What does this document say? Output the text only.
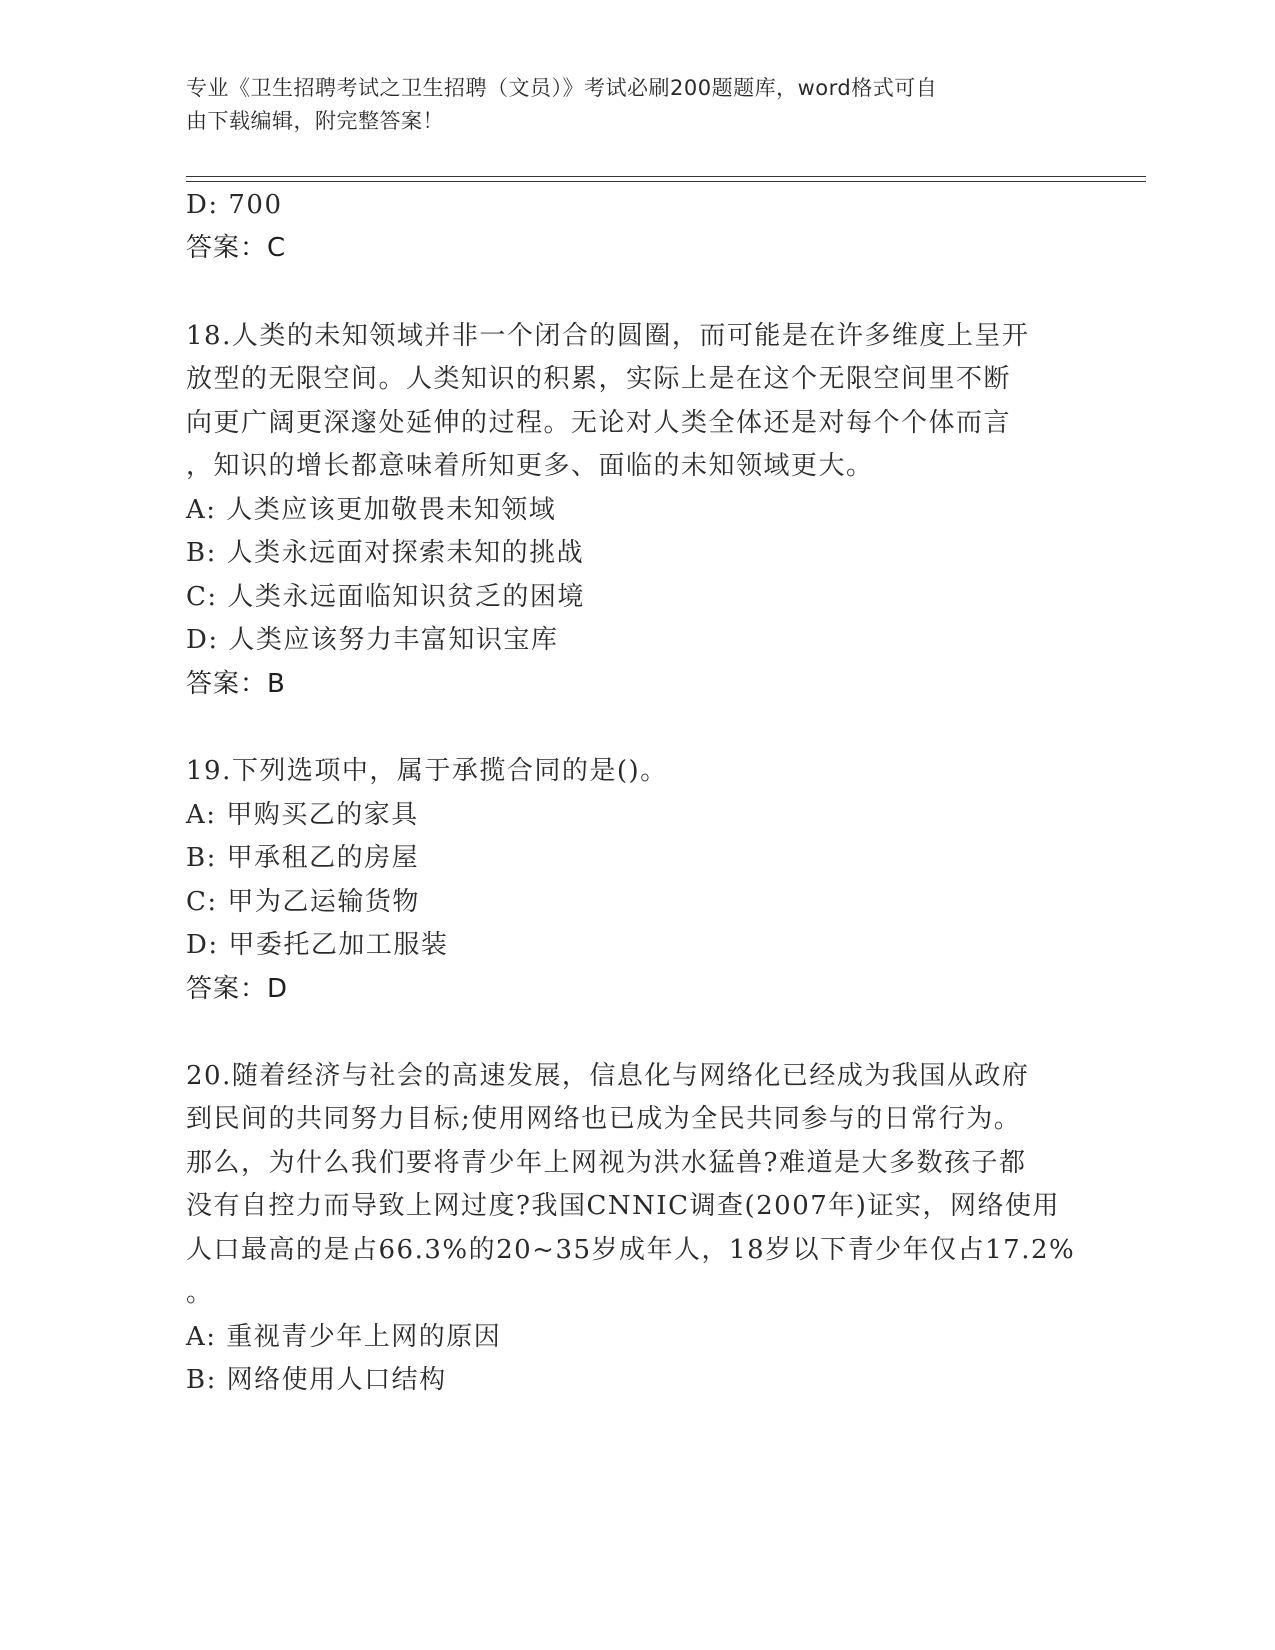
专业《卫生招聘考试之卫生招聘（文员）》考试必刷200题题库，word格式可自
由下载编辑，附完整答案！
D: 700
答案：C
18.人类的未知领域并非一个闭合的圆圈，而可能是在许多维度上呈开
放型的无限空间。人类知识的积累，实际上是在这个无限空间里不断
向更广阔更深邃处延伸的过程。无论对人类全体还是对每个个体而言
，知识的增长都意味着所知更多、面临的未知领域更大。
A: 人类应该更加敬畏未知领域
B: 人类永远面对探索未知的挑战
C: 人类永远面临知识贫乏的困境
D: 人类应该努力丰富知识宝库
答案：B
19.下列选项中，属于承揽合同的是()。
A: 甲购买乙的家具
B: 甲承租乙的房屋
C: 甲为乙运输货物
D: 甲委托乙加工服装
答案：D
20.随着经济与社会的高速发展，信息化与网络化已经成为我国从政府
到民间的共同努力目标;使用网络也已成为全民共同参与的日常行为。
那么，为什么我们要将青少年上网视为洪水猛兽?难道是大多数孩子都
没有自控力而导致上网过度?我国CNNIC调查(2007年)证实，网络使用
人口最高的是占66.3%的20~35岁成年人，18岁以下青少年仅占17.2%
。
A: 重视青少年上网的原因
B: 网络使用人口结构
